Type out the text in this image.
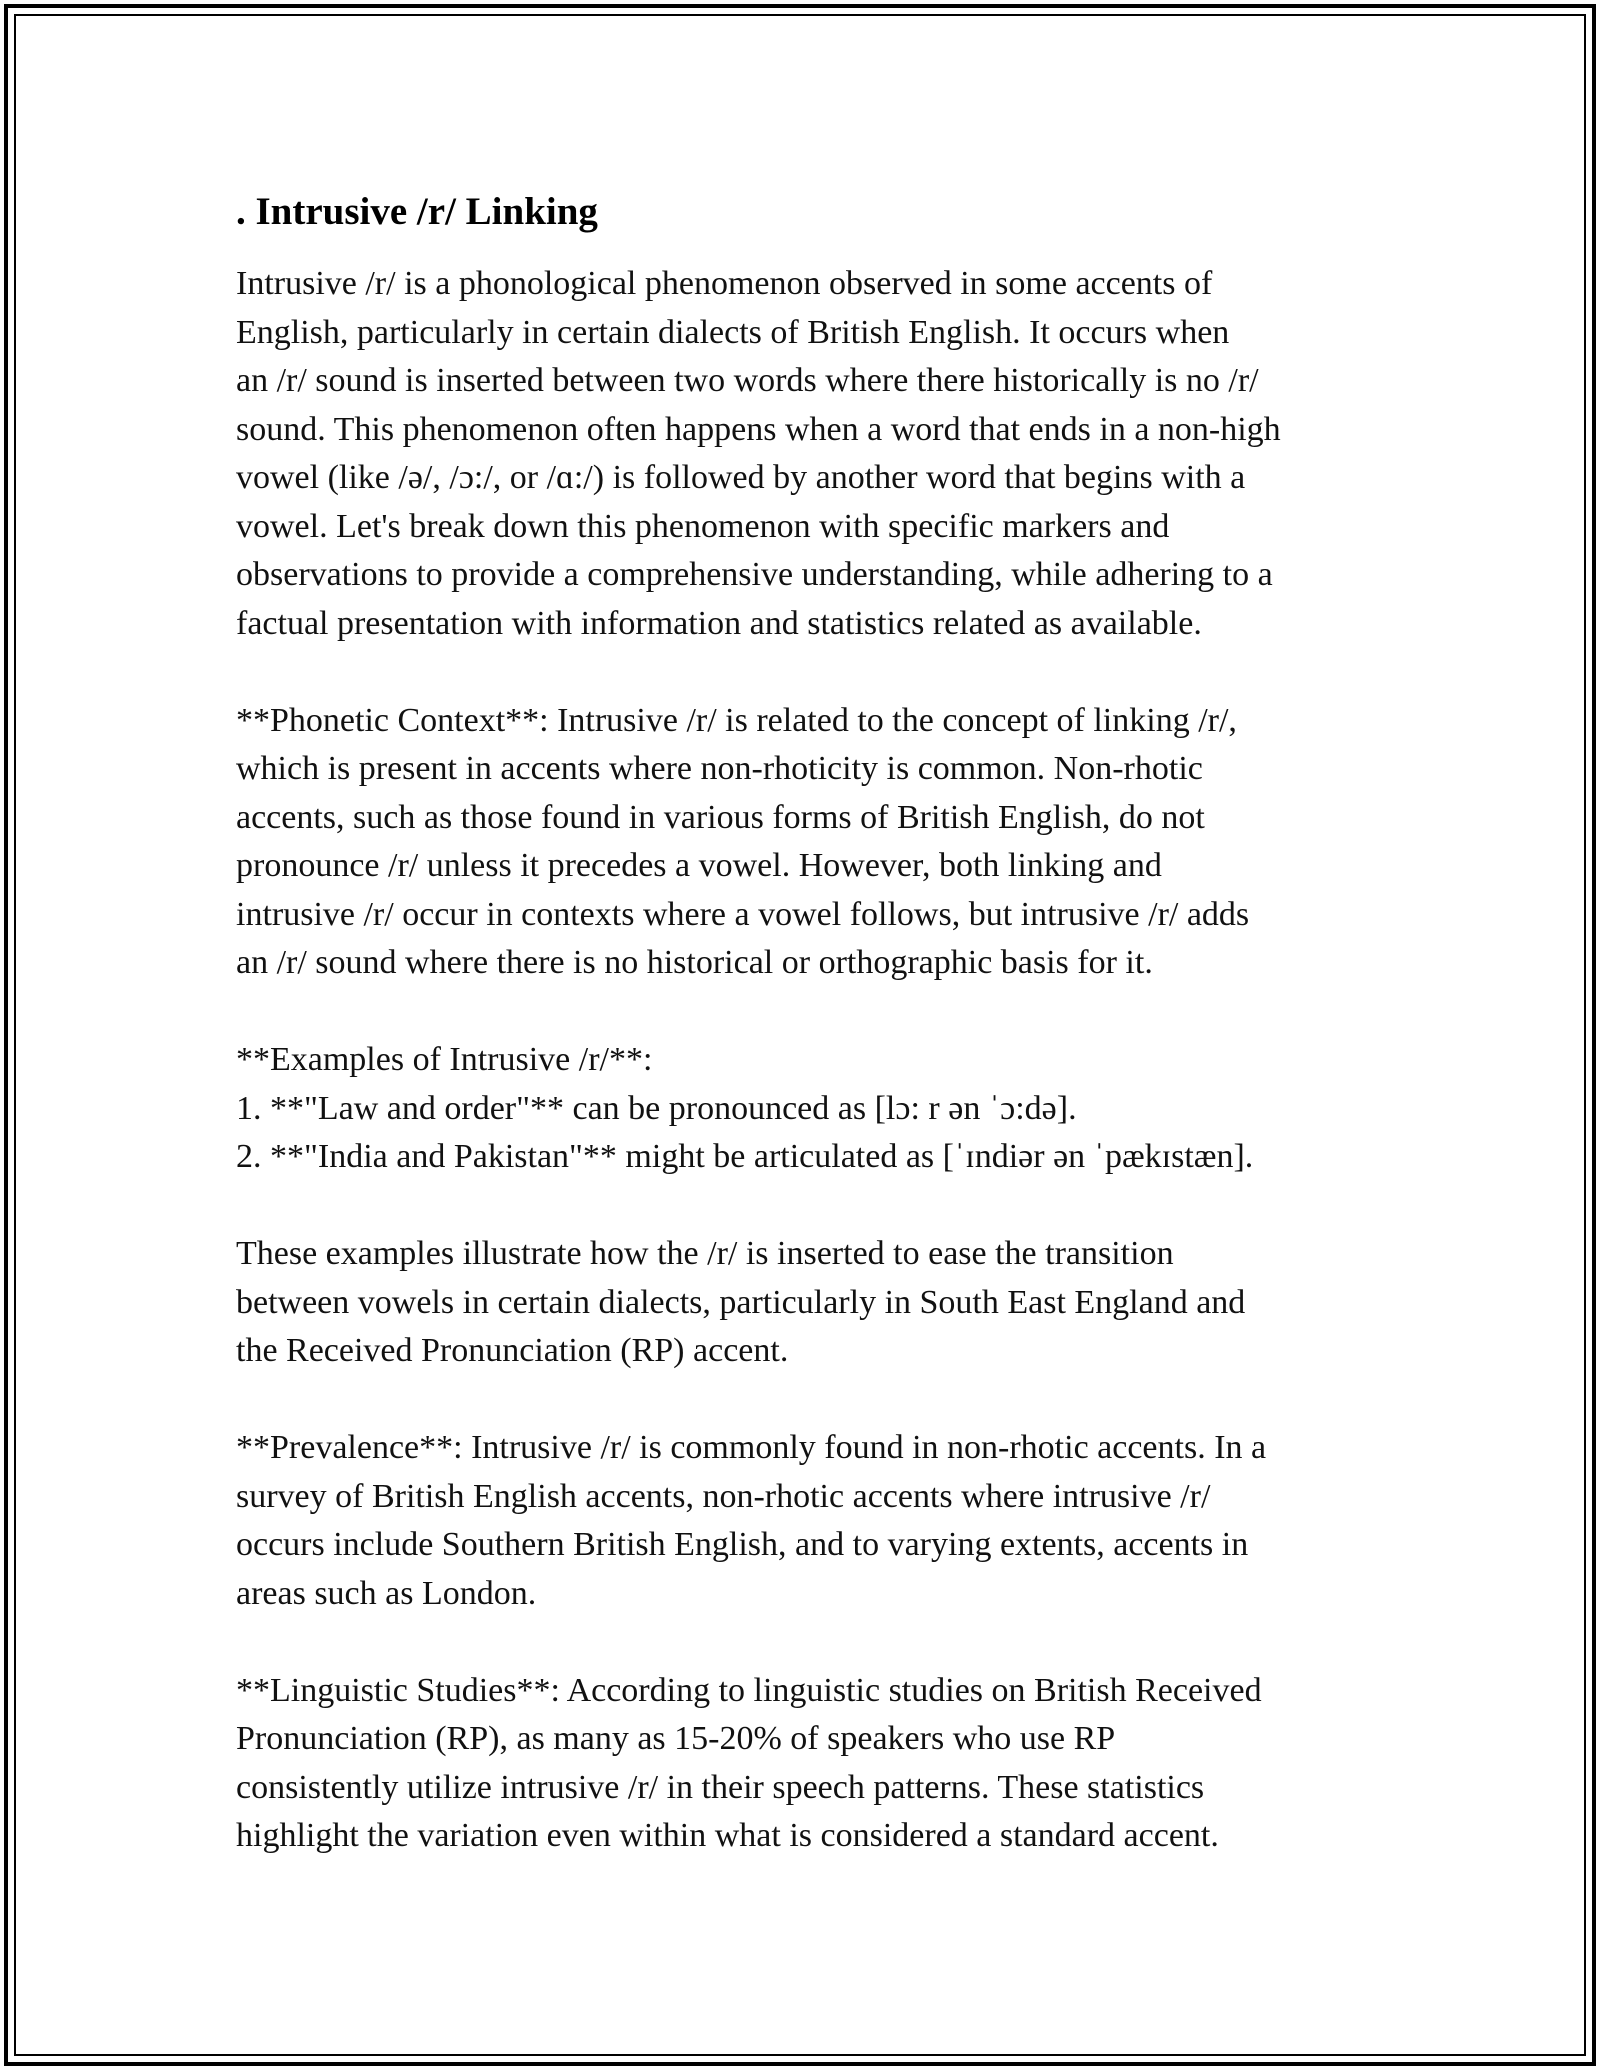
. Intrusive /r/ Linking
Intrusive /r/ is a phonological phenomenon observed in some accents of
English, particularly in certain dialects of British English. It occurs when
an /r/ sound is inserted between two words where there historically is no /r/
sound. This phenomenon often happens when a word that ends in a non-high
vowel (like /ə/, /ɔ:/, or /ɑ:/) is followed by another word that begins with a
vowel. Let's break down this phenomenon with specific markers and
observations to provide a comprehensive understanding, while adhering to a
factual presentation with information and statistics related as available.
**Phonetic Context**: Intrusive /r/ is related to the concept of linking /r/,
which is present in accents where non-rhoticity is common. Non-rhotic
accents, such as those found in various forms of British English, do not
pronounce /r/ unless it precedes a vowel. However, both linking and
intrusive /r/ occur in contexts where a vowel follows, but intrusive /r/ adds
an /r/ sound where there is no historical or orthographic basis for it.
**Examples of Intrusive /r/**:
1. **"Law and order"** can be pronounced as [lɔ: r ən ˈɔ:də].
2. **"India and Pakistan"** might be articulated as [ˈɪndiər ən ˈpækɪstæn].
These examples illustrate how the /r/ is inserted to ease the transition
between vowels in certain dialects, particularly in South East England and
the Received Pronunciation (RP) accent.
**Prevalence**: Intrusive /r/ is commonly found in non-rhotic accents. In a
survey of British English accents, non-rhotic accents where intrusive /r/
occurs include Southern British English, and to varying extents, accents in
areas such as London.
**Linguistic Studies**: According to linguistic studies on British Received
Pronunciation (RP), as many as 15-20% of speakers who use RP
consistently utilize intrusive /r/ in their speech patterns. These statistics
highlight the variation even within what is considered a standard accent.
